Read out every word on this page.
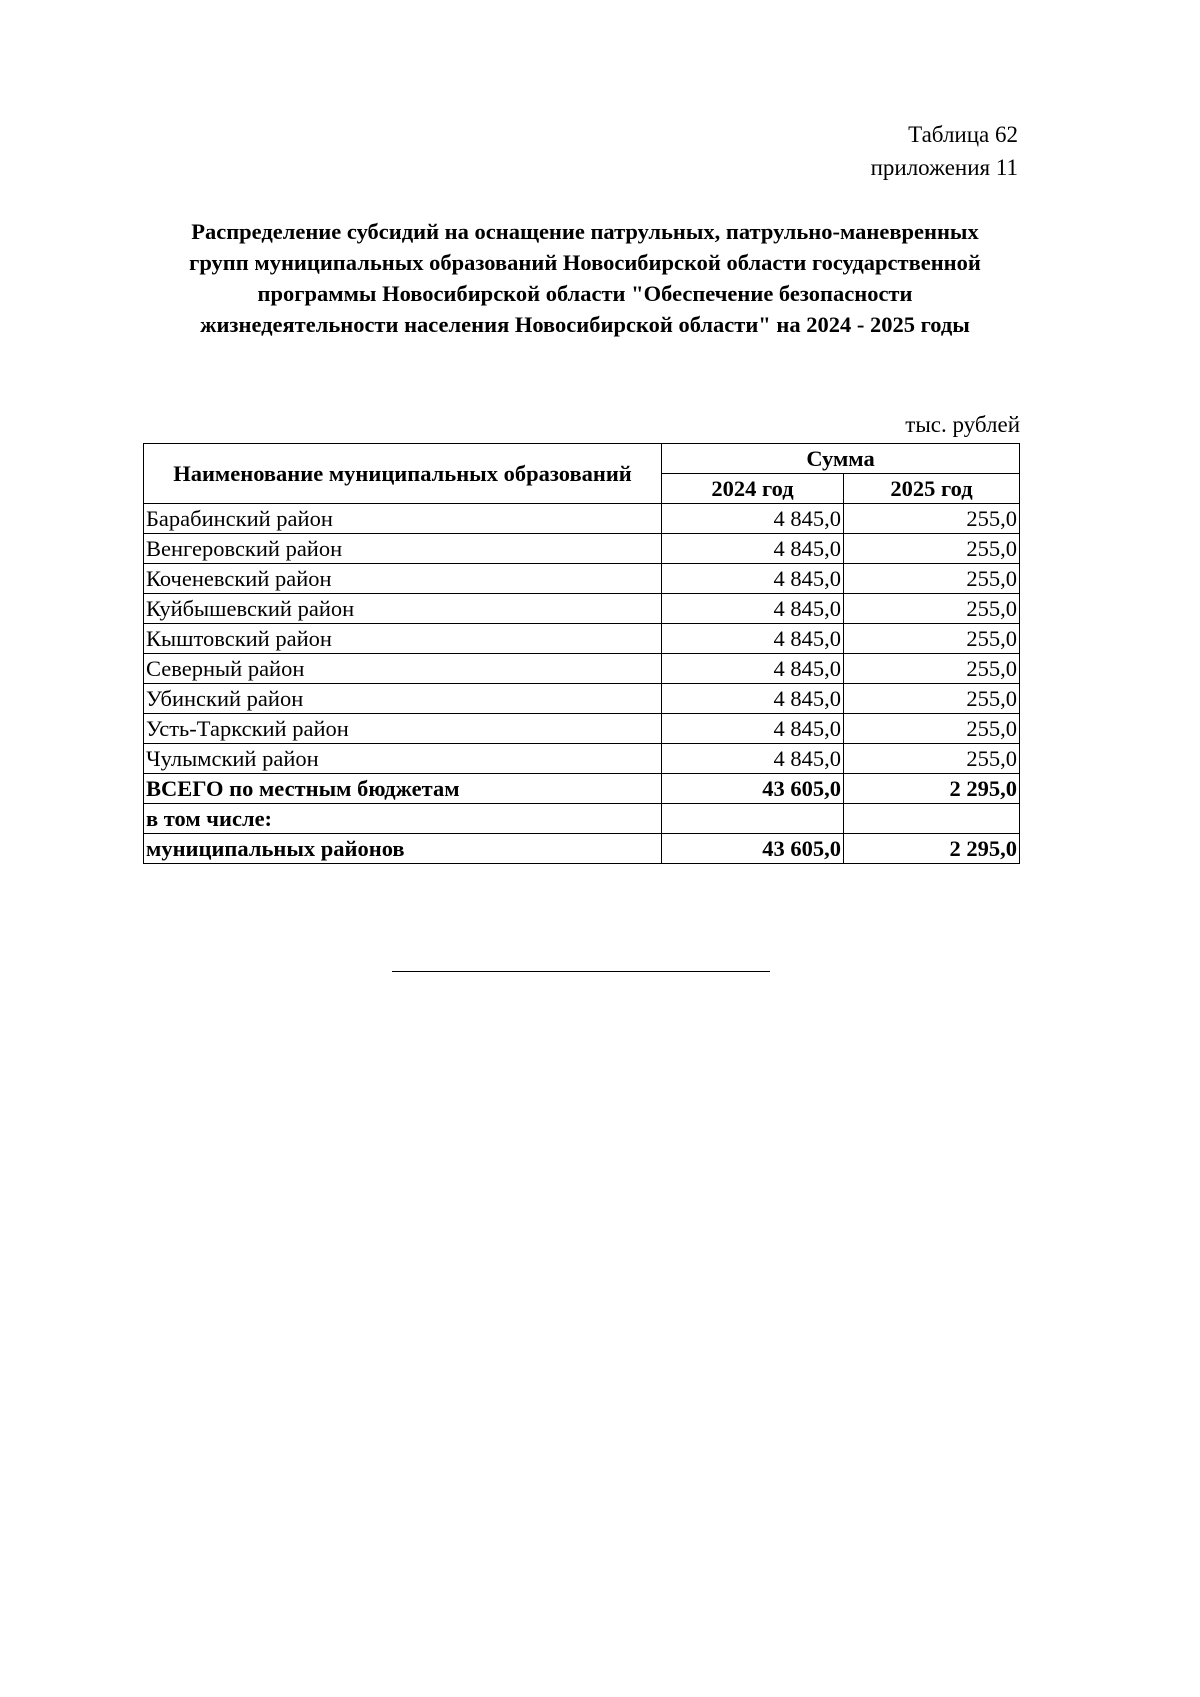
Таблица 62
приложения 11
Распределение субсидий на оснащение патрульных, патрульно-маневренных
групп муниципальных образований Новосибирской области государственной
программы Новосибирской области "Обеспечение безопасности
жизнедеятельности населения Новосибирской области" на 2024 - 2025 годы
тыс. рублей
Наименование муниципальных образований	Сумма	
	2024 год	2025 год
Барабинский район	4 845,0	255,0
Венгеровский район	4 845,0	255,0
Коченевский район	4 845,0	255,0
Куйбышевский район	4 845,0	255,0
Кыштовский район	4 845,0	255,0
Северный район	4 845,0	255,0
Убинский район	4 845,0	255,0
Усть-Таркский район	4 845,0	255,0
Чулымский район	4 845,0	255,0
ВСЕГО по местным бюджетам	43 605,0	2 295,0
в том числе:		
муниципальных районов	43 605,0	2 295,0
